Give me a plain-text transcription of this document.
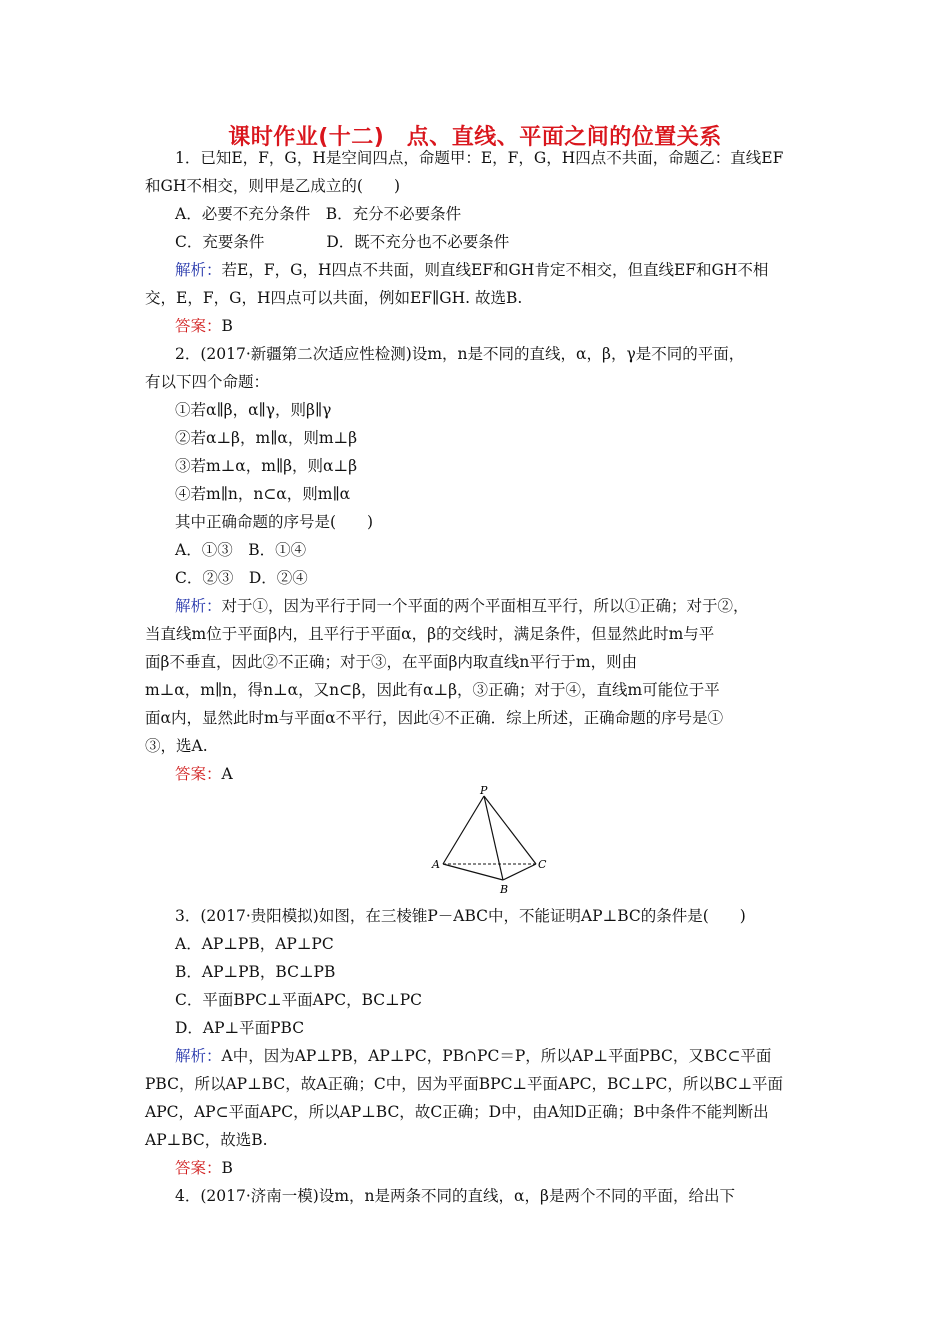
课时作业(十二)　点、直线、平面之间的位置关系
1．已知E，F，G，H是空间四点，命题甲：E，F，G，H四点不共面，命题乙：直线EF
和GH不相交，则甲是乙成立的(　　)
A．必要不充分条件　B．充分不必要条件
C．充要条件　　　　D．既不充分也不必要条件
解析：若E，F，G，H四点不共面，则直线EF和GH肯定不相交，但直线EF和GH不相
交，E，F，G，H四点可以共面，例如EF∥GH. 故选B.
答案：B
2．(2017·新疆第二次适应性检测)设m，n是不同的直线，α，β，γ是不同的平面，
有以下四个命题：
①若α∥β，α∥γ，则β∥γ
②若α⊥β，m∥α，则m⊥β
③若m⊥α，m∥β，则α⊥β
④若m∥n，n⊂α，则m∥α
其中正确命题的序号是(　　)
A．①③　B．①④
C．②③　D．②④
解析：对于①，因为平行于同一个平面的两个平面相互平行，所以①正确；对于②，
当直线m位于平面β内，且平行于平面α，β的交线时，满足条件，但显然此时m与平
面β不垂直，因此②不正确；对于③，在平面β内取直线n平行于m，则由
m⊥α，m∥n，得n⊥α，又n⊂β，因此有α⊥β，③正确；对于④，直线m可能位于平
面α内，显然此时m与平面α不平行，因此④不正确．综上所述，正确命题的序号是①
③，选A.
答案：A
P
A
B
C
3．(2017·贵阳模拟)如图，在三棱锥P－ABC中，不能证明AP⊥BC的条件是(　　)
A．AP⊥PB，AP⊥PC
B．AP⊥PB，BC⊥PB
C．平面BPC⊥平面APC，BC⊥PC
D．AP⊥平面PBC
解析：A中，因为AP⊥PB，AP⊥PC，PB∩PC＝P，所以AP⊥平面PBC，又BC⊂平面
PBC，所以AP⊥BC，故A正确；C中，因为平面BPC⊥平面APC，BC⊥PC，所以BC⊥平面
APC，AP⊂平面APC，所以AP⊥BC，故C正确；D中，由A知D正确；B中条件不能判断出
AP⊥BC，故选B.
答案：B
4．(2017·济南一模)设m，n是两条不同的直线，α，β是两个不同的平面，给出下
